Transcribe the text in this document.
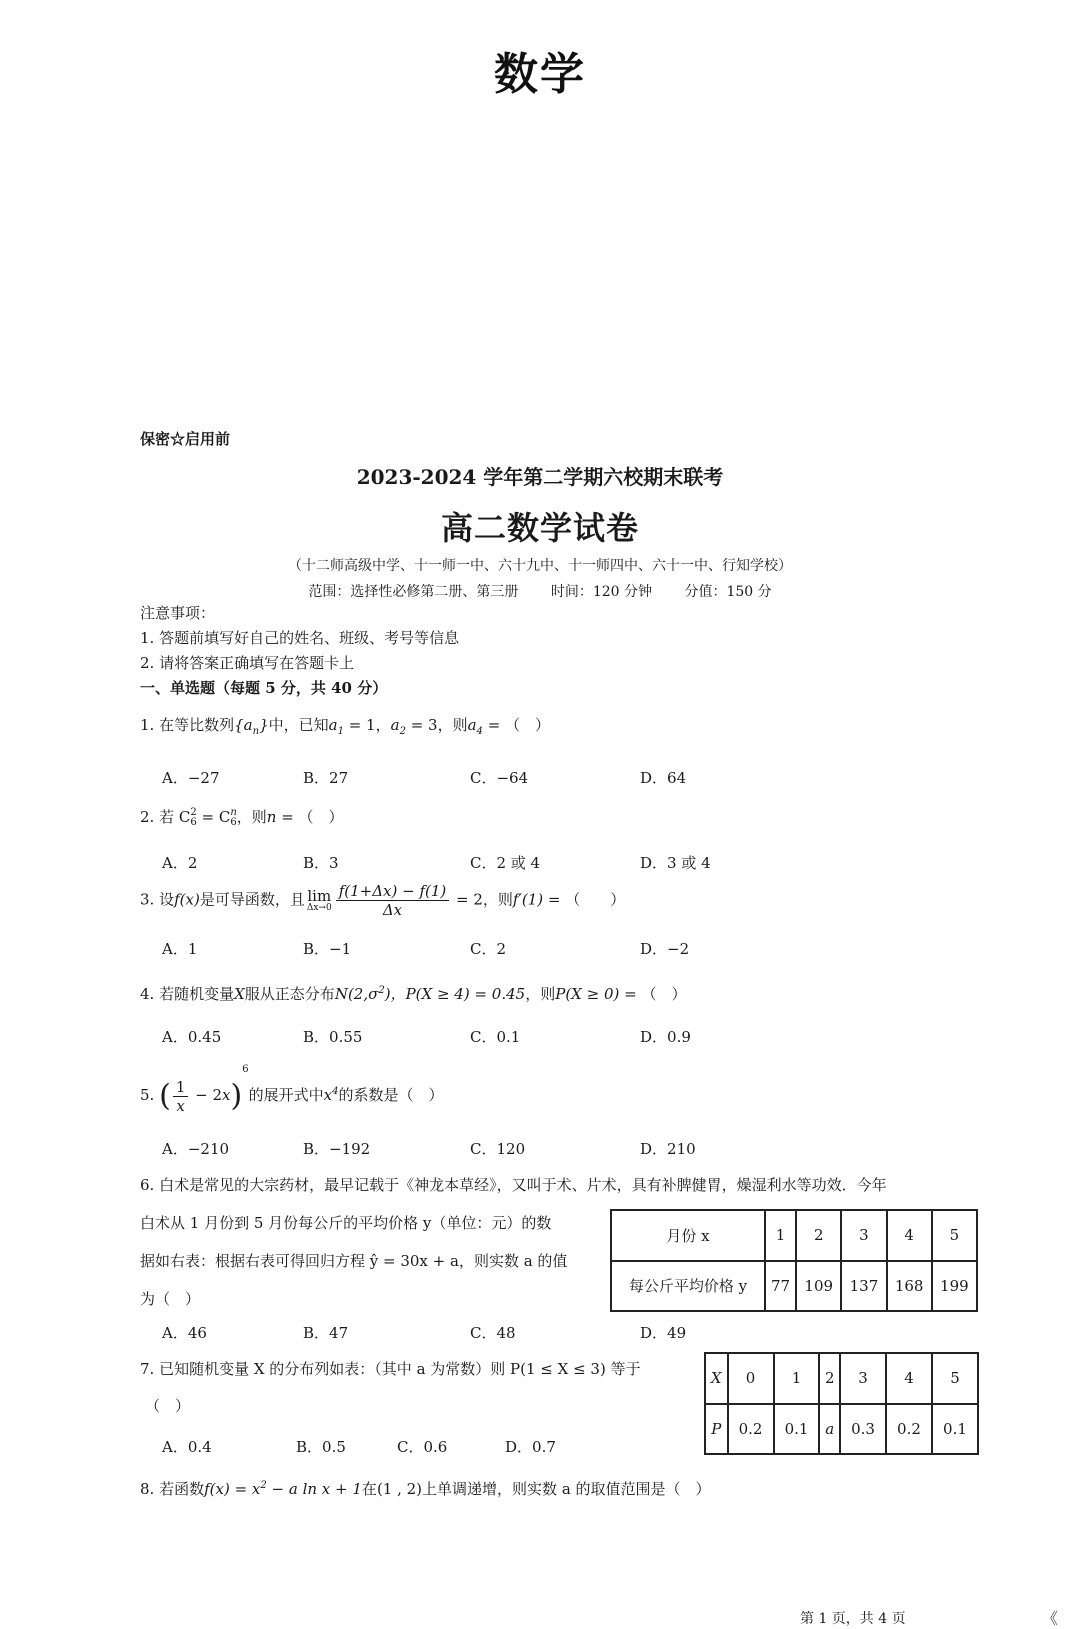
数学
保密☆启用前
2023-2024 学年第二学期六校期末联考
高二数学试卷
（十二师高级中学、十一师一中、六十九中、十一师四中、六十一中、行知学校）
范围：选择性必修第二册、第三册 时间：120 分钟 分值：150 分
注意事项：
1. 答题前填写好自己的姓名、班级、考号等信息
2. 请将答案正确填写在答题卡上
一、单选题（每题 5 分，共 40 分）
1. 在等比数列$\{a_n\}$中，已知$a_1 = 1$，$a_2 = 3$，则$a_4$ = （　）
A．−27	B．27	C．−64	D．64
2. 若 C 2
6 = C n
6 ，则n = （　）
A．2	B．3	C．2 或 4	D．3 或 4
3. 设f(x)是可导函数，且 lim
$\Delta x\to 0 \frac{f(1+\Delta x) - f(1)}{\Delta x} = 2$，则f′(1) = （　　）
A．1	B．−1	C．2	D．−2
4. 若随机变量X服从正态分布$N(2,\sigma^2)$，P(X ≥ 4) = 0.45，则P(X ≥ 0) = （　）
A．0.45	B．0.55	C．0.1	D．0.9
5. ( $\frac{1}{x} - 2x)^6$的展开式中$x^4$的系数是（　）
A．−210	B．−192	C．120	D．210
6. 白术是常见的大宗药材，最早记载于《神龙本草经》，又叫于术、片术，具有补脾健胃，燥湿利水等功效．今年
白术从 1 月份到 5 月份每公斤的平均价格 y（单位：元）的数
据如右表：根据右表可得回归方程 ŷ = 30x + a，则实数 a 的值
为（　）
月份 x	1	2	3	4	5
每公斤平均价格 y	77	109	137	168	199
A．46	B．47	C．48	D．49
7. 已知随机变量 X 的分布列如表：（其中 a 为常数）则 P(1 ≤ X ≤ 3) 等于
（　）
X	0	1	2	3	4	5
P	0.2	0.1	a	0.3	0.2	0.1
A．0.4	B．0.5	C．0.6	D．0.7
8. 若函数$f(x) = x^2 - a$ ln x + 1在(1 , 2)上单调递增，则实数 a 的取值范围是（　）
第 1 页，共 4 页	《
